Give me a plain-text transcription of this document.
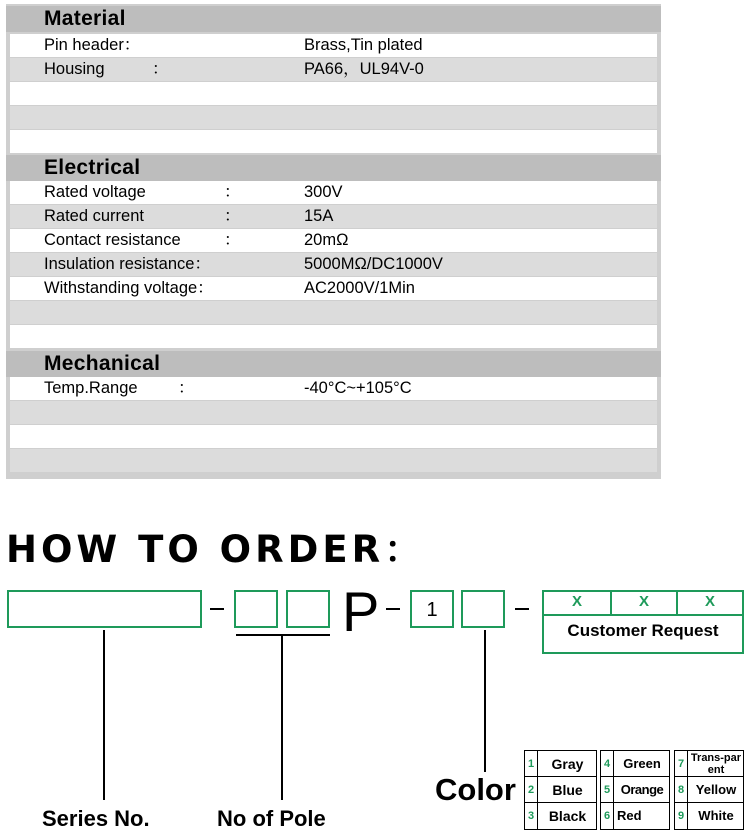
Material
Pin header：	Brass,Tin plated
Housing	：	PA66，UL94V-0
Electrical
Rated voltage	：	300V
Rated current	：	15A
Contact resistance	：	20mΩ
Insulation resistance：	5000MΩ/DC1000V
Withstanding voltage：	AC2000V/1Min
Mechanical
Temp.Range ：	-40°C~+105°C
HOW TO ORDER：
P	1	X	X	X
Customer Request
Series No.	No of Pole
Color
1	Gray
2	Blue
3	Black
4	Green
5 Orange
6 Red
7 Trans-parent
8 Yellow
9	White
